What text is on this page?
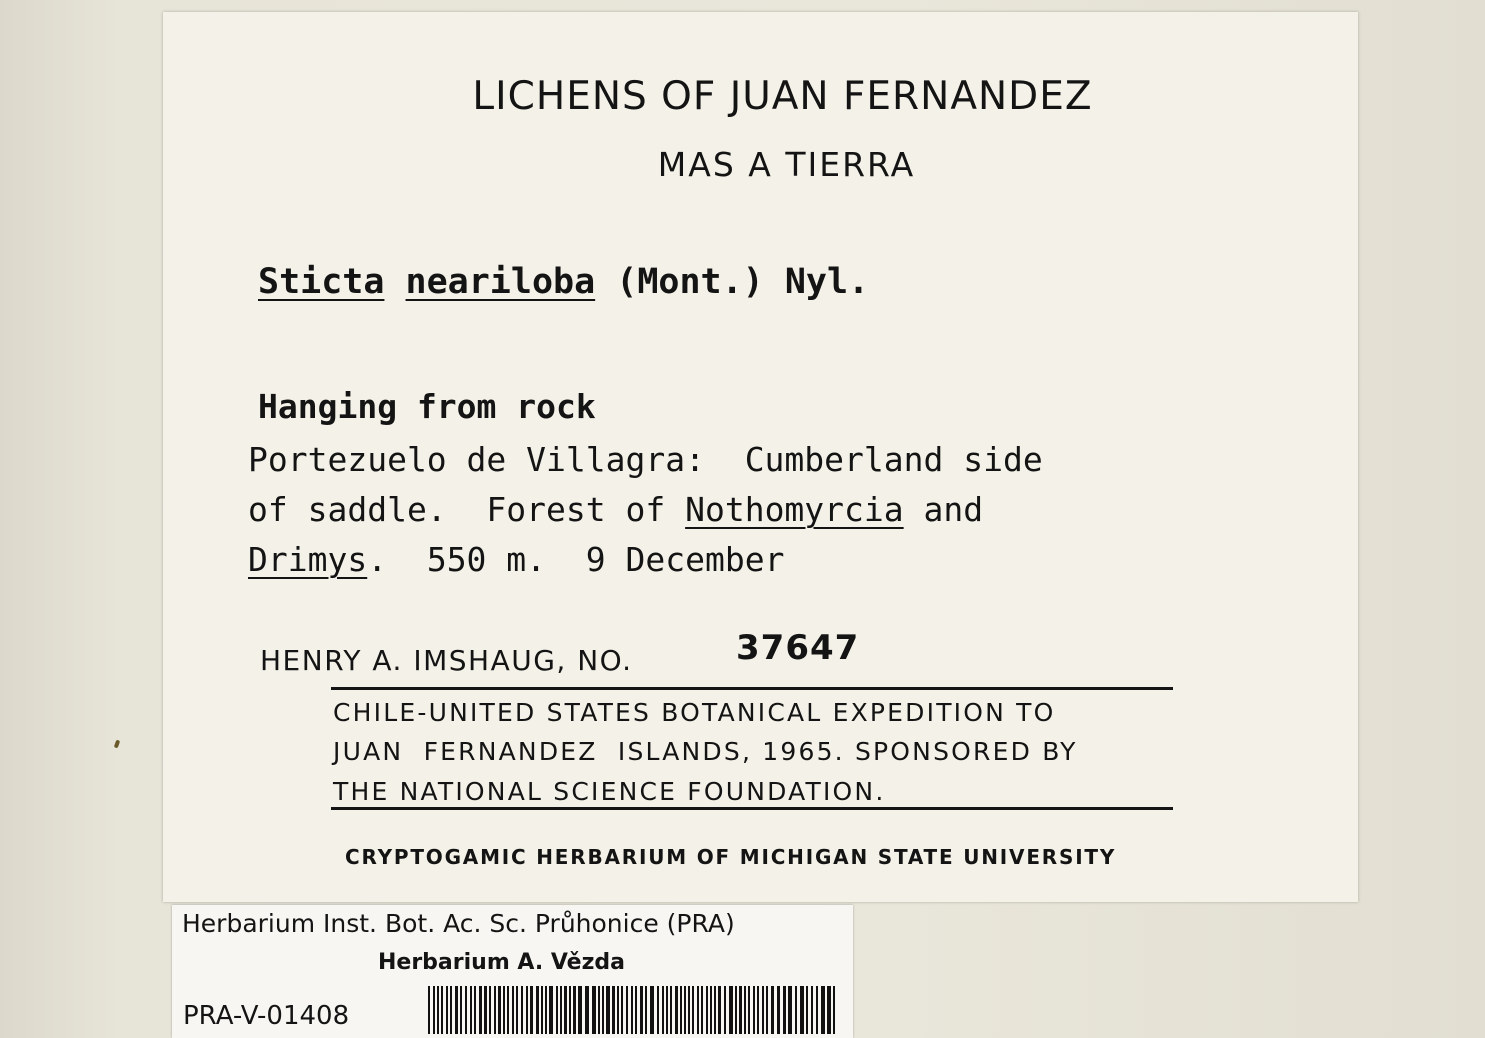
LICHENS OF JUAN FERNANDEZ
MAS A TIERRA
Sticta neariloba (Mont.) Nyl.
Hanging from rock
Portezuelo de Villagra:  Cumberland side
of saddle.  Forest of Nothomyrcia and
Drimys.  550 m.  9 December
HENRY A. IMSHAUG, NO.	37647
CHILE-UNITED STATES BOTANICAL EXPEDITION TO
JUAN  FERNANDEZ  ISLANDS, 1965. SPONSORED BY
THE NATIONAL SCIENCE FOUNDATION.
CRYPTOGAMIC HERBARIUM OF MICHIGAN STATE UNIVERSITY
Herbarium Inst. Bot. Ac. Sc. Průhonice (PRA)
Herbarium A. Vězda
PRA-V-01408
